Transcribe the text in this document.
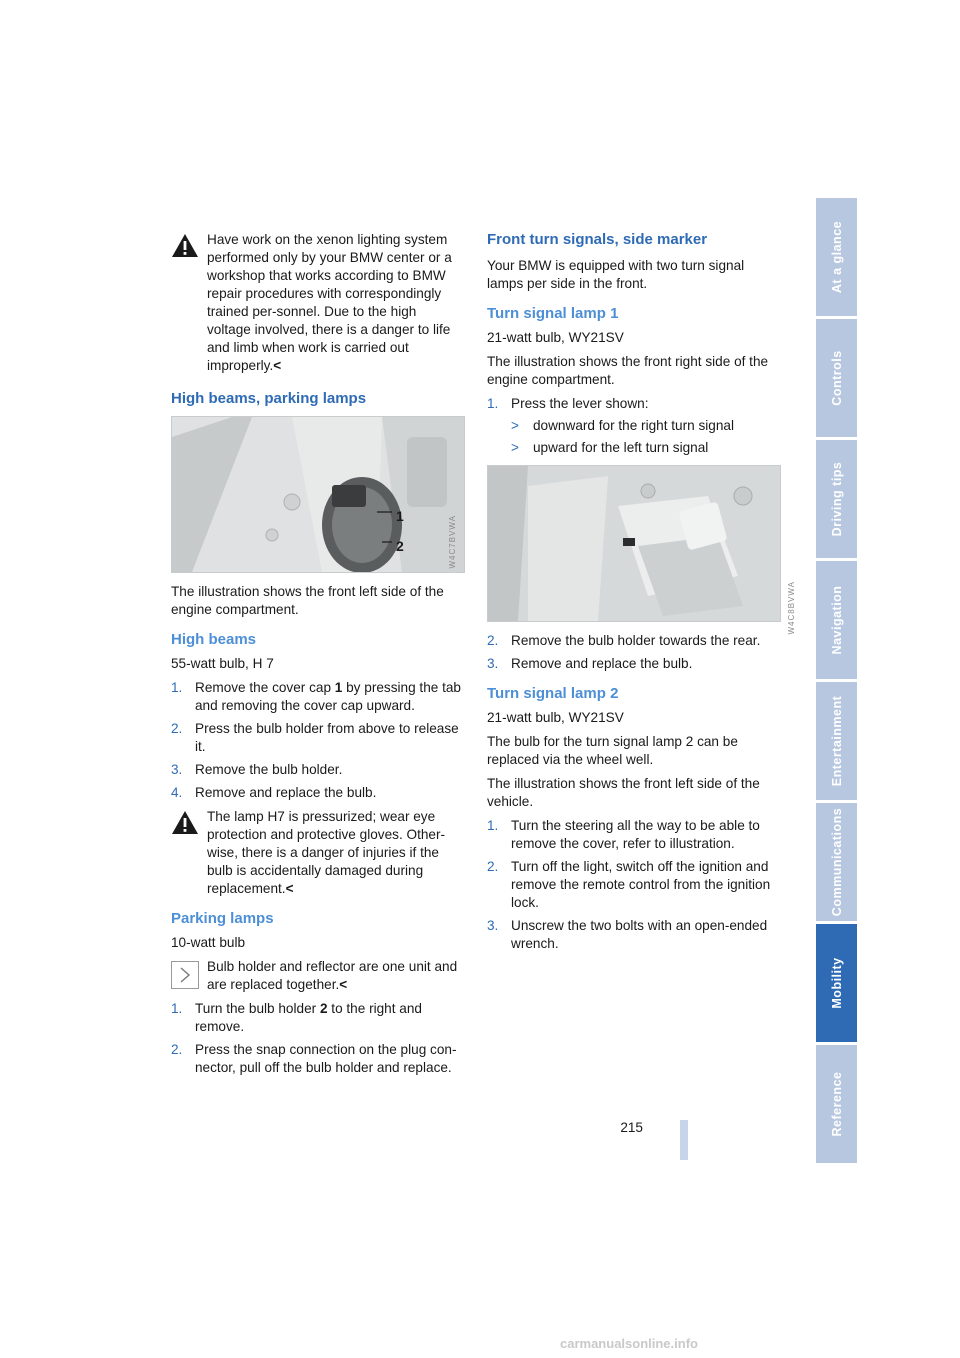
Have work on the xenon lighting system performed only by your BMW center or a workshop that works according to BMW repair procedures with correspondingly trained per-sonnel. Due to the high voltage involved, there is a danger to life and limb when work is carried out improperly.<

High beams, parking lamps
1
2	W4C7BVWA

The illustration shows the front left side of the engine compartment.

High beams

55-watt bulb, H 7

1. Remove the cover cap 1 by pressing the tab and removing the cover cap upward.
2. Press the bulb holder from above to release it.
3. Remove the bulb holder.
4. Remove and replace the bulb.

The lamp H7 is pressurized; wear eye protection and protective gloves. Other-wise, there is a danger of injuries if the bulb is accidentally damaged during replacement.<

Parking lamps

10-watt bulb

Bulb holder and reflector are one unit and are replaced together.<

1. Turn the bulb holder 2 to the right and remove.
2. Press the snap connection on the plug con-nector, pull off the bulb holder and replace.
Front turn signals, side marker

Your BMW is equipped with two turn signal lamps per side in the front.

Turn signal lamp 1

21-watt bulb, WY21SV

The illustration shows the front right side of the engine compartment.

1. Press the lever shown:
> downward for the right turn signal
> upward for the left turn signal
W4C8BVWA
2. Remove the bulb holder towards the rear.
3. Remove and replace the bulb.
Turn signal lamp 2

21-watt bulb, WY21SV

The bulb for the turn signal lamp 2 can be replaced via the wheel well.

The illustration shows the front left side of the vehicle.

1. Turn the steering all the way to be able to remove the cover, refer to illustration.
2. Turn off the light, switch off the ignition and remove the remote control from the ignition lock.
3. Unscrew the two bolts with an open-ended wrench.
At a glance
Controls
Driving tips
Navigation
Entertainment
Communications
Mobility
Reference
215
carmanualsonline.info
